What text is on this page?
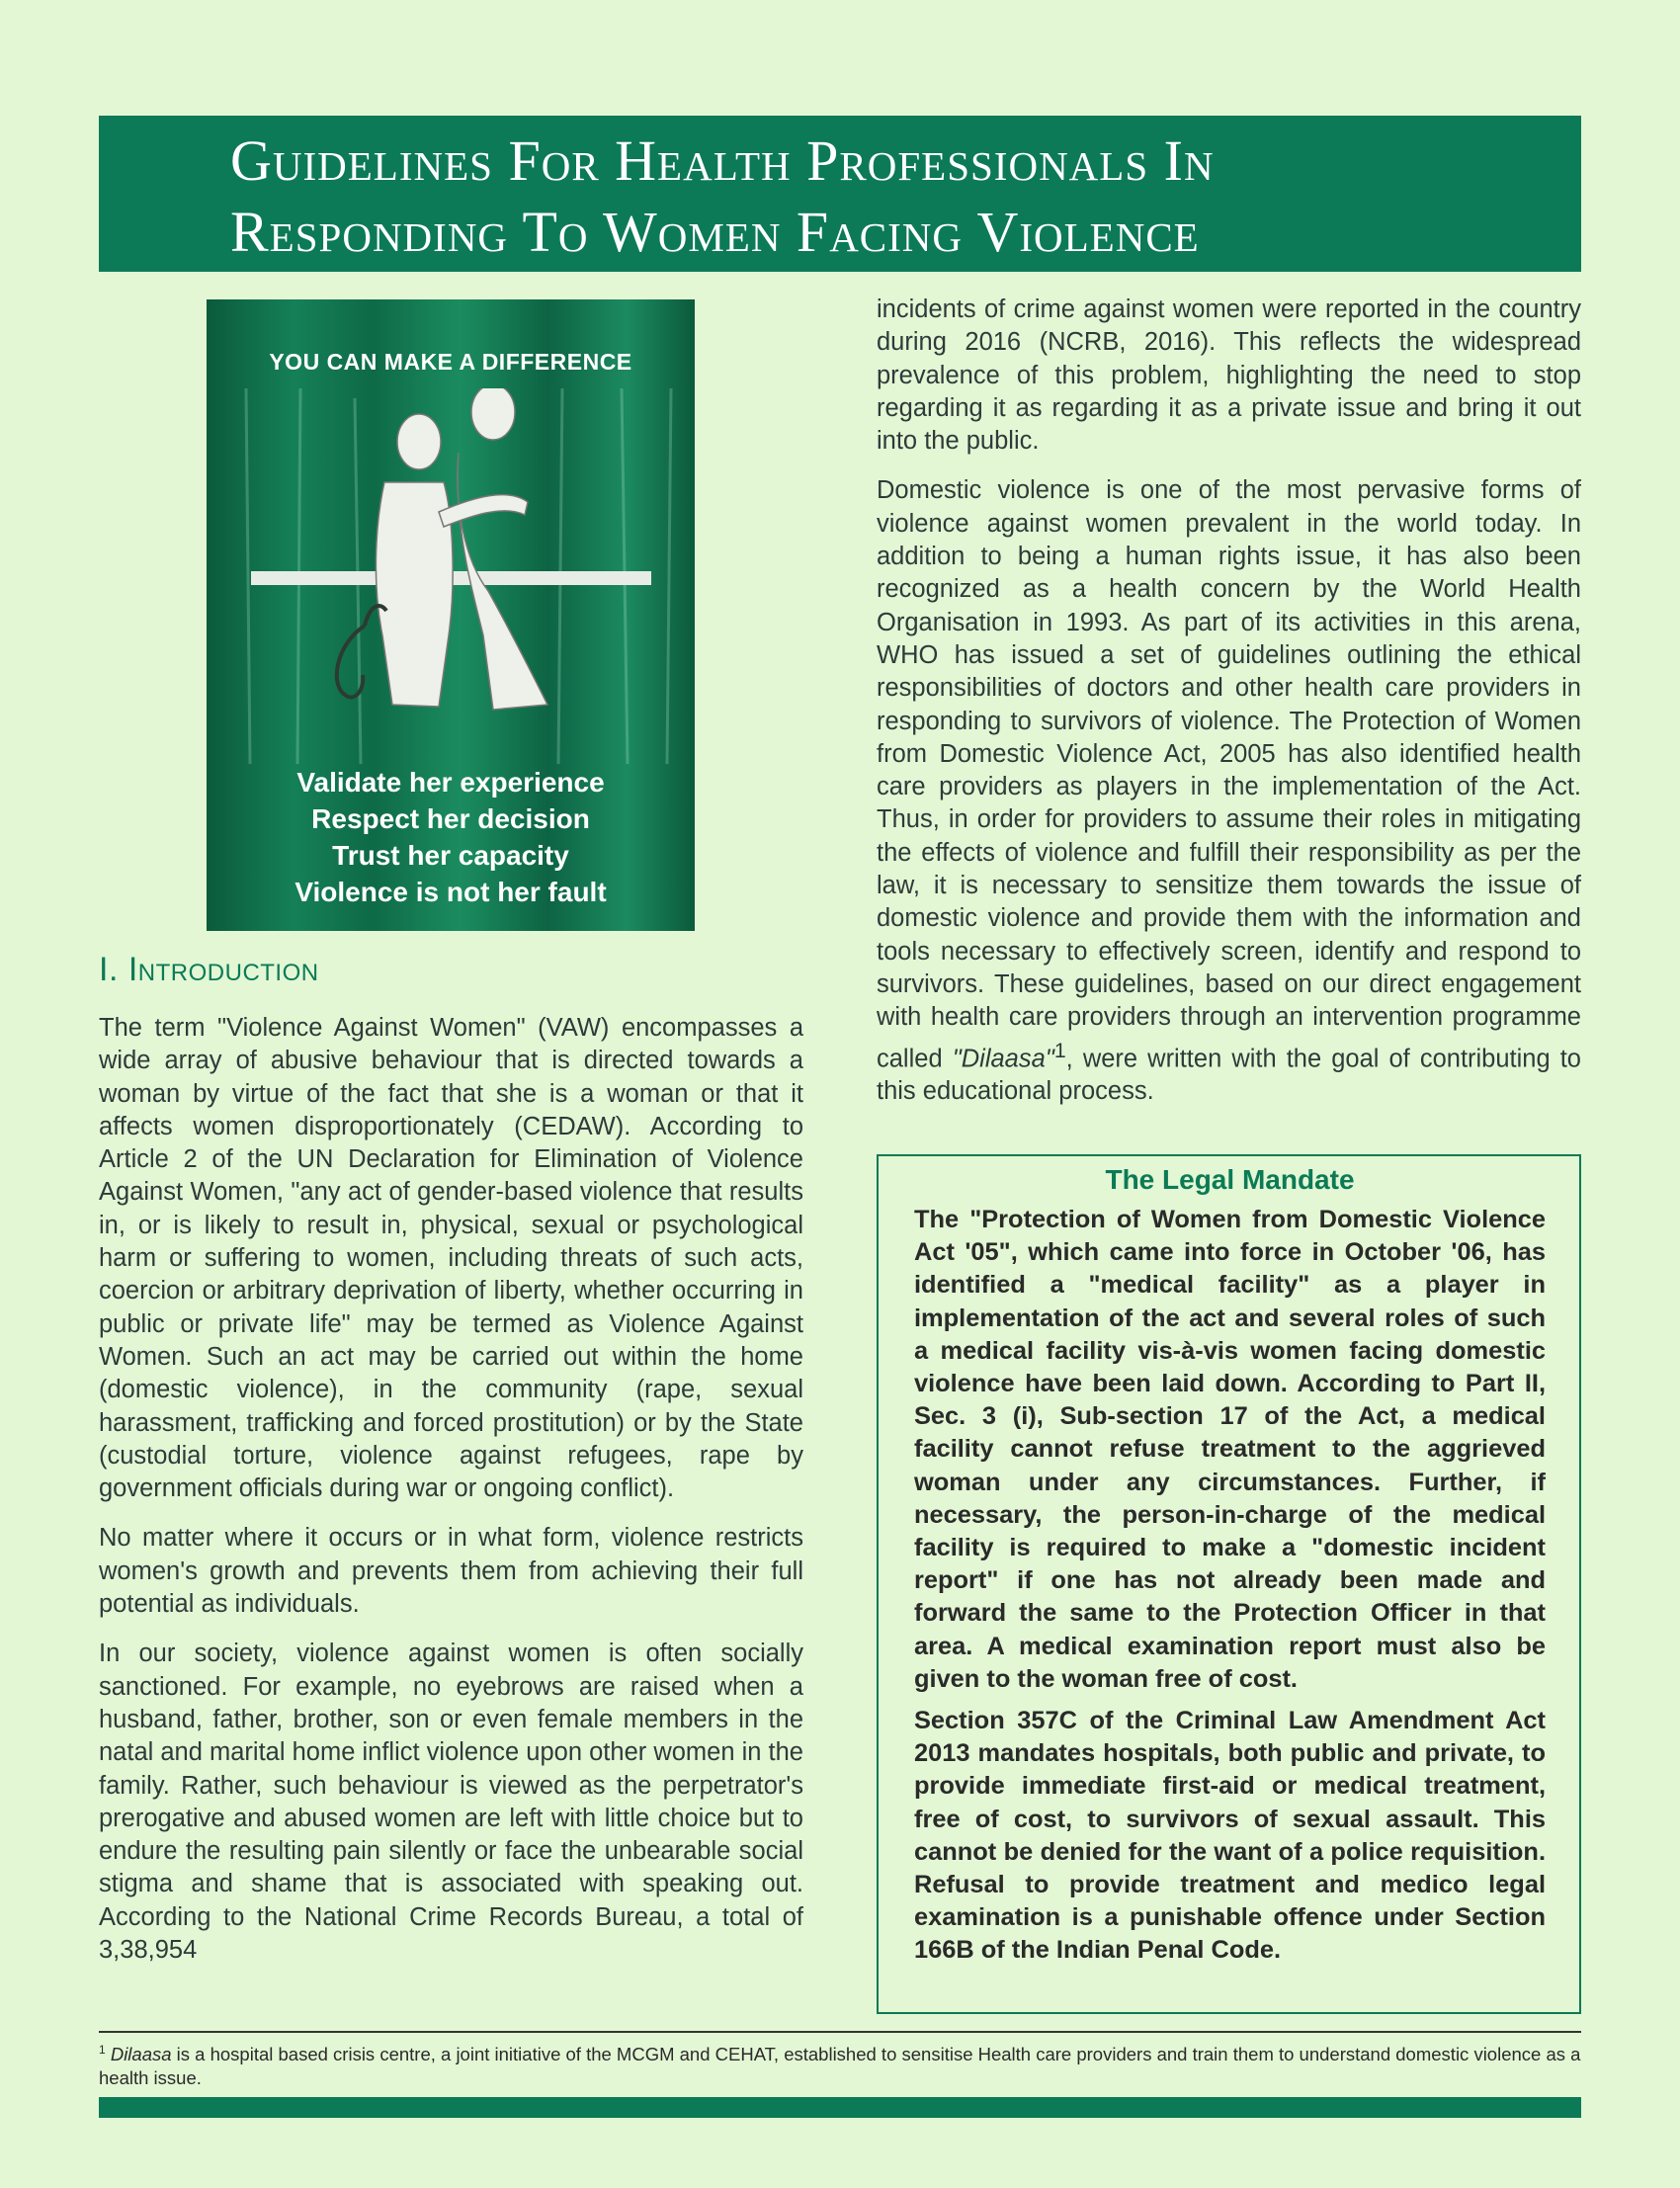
Guidelines For Health Professionals In
Responding To Women Facing Violence
YOU CAN MAKE A DIFFERENCE
Validate her experience
Respect her decision
Trust her capacity
Violence is not her fault
I. Introduction

The term "Violence Against Women" (VAW) encompasses a wide array of abusive behaviour that is directed towards a woman by virtue of the fact that she is a woman or that it affects women disproportionately (CEDAW). According to Article 2 of the UN Declaration for Elimination of Violence Against Women, "any act of gender-based violence that results in, or is likely to result in, physical, sexual or psychological harm or suffering to women, including threats of such acts, coercion or arbitrary deprivation of liberty, whether occurring in public or private life" may be termed as Violence Against Women. Such an act may be carried out within the home (domestic violence), in the community (rape, sexual harassment, trafficking and forced prostitution) or by the State (custodial torture, violence against refugees, rape by government officials during war or ongoing conflict).

No matter where it occurs or in what form, violence restricts women's growth and prevents them from achieving their full potential as individuals.

In our society, violence against women is often socially sanctioned. For example, no eyebrows are raised when a husband, father, brother, son or even female members in the natal and marital home inflict violence upon other women in the family. Rather, such behaviour is viewed as the perpetrator's prerogative and abused women are left with little choice but to endure the resulting pain silently or face the unbearable social stigma and shame that is associated with speaking out. According to the National Crime Records Bureau, a total of 3,38,954

incidents of crime against women were reported in the country during 2016 (NCRB, 2016). This reflects the widespread prevalence of this problem, highlighting the need to stop regarding it as regarding it as a private issue and bring it out into the public.

Domestic violence is one of the most pervasive forms of violence against women prevalent in the world today. In addition to being a human rights issue, it has also been recognized as a health concern by the World Health Organisation in 1993. As part of its activities in this arena, WHO has issued a set of guidelines outlining the ethical responsibilities of doctors and other health care providers in responding to survivors of violence. The Protection of Women from Domestic Violence Act, 2005 has also identified health care providers as players in the implementation of the Act. Thus, in order for providers to assume their roles in mitigating the effects of violence and fulfill their responsibility as per the law, it is necessary to sensitize them towards the issue of domestic violence and provide them with the information and tools necessary to effectively screen, identify and respond to survivors. These guidelines, based on our direct engagement with health care providers through an intervention programme called "Dilaasa"$^1$, were written with the goal of contributing to this educational process.

The Legal Mandate

The "Protection of Women from Domestic Violence Act '05", which came into force in October '06, has identified a "medical facility" as a player in implementation of the act and several roles of such a medical facility vis-à-vis women facing domestic violence have been laid down. According to Part II, Sec. 3 (i), Sub-section 17 of the Act, a medical facility cannot refuse treatment to the aggrieved woman under any circumstances. Further, if necessary, the person-in-charge of the medical facility is required to make a "domestic incident report" if one has not already been made and forward the same to the Protection Officer in that area. A medical examination report must also be given to the woman free of cost.

Section 357C of the Criminal Law Amendment Act 2013 mandates hospitals, both public and private, to provide immediate first-aid or medical treatment, free of cost, to survivors of sexual assault. This cannot be denied for the want of a police requisition. Refusal to provide treatment and medico legal examination is a punishable offence under Section 166B of the Indian Penal Code.

$^1$ Dilaasa is a hospital based crisis centre, a joint initiative of the MCGM and CEHAT, established to sensitise Health care providers and train them to understand domestic violence as a health issue.
